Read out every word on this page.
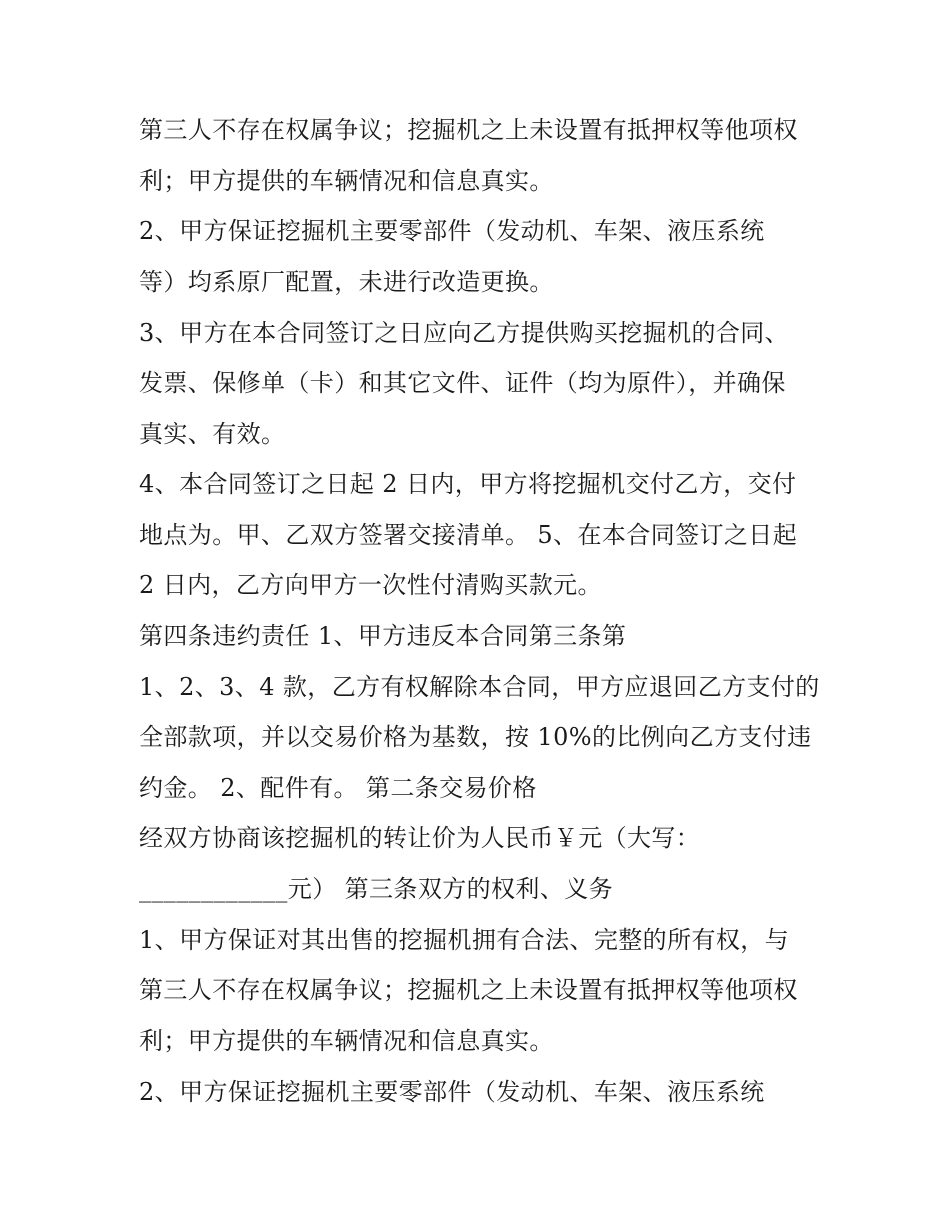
第三人不存在权属争议；挖掘机之上未设置有抵押权等他项权
利；甲方提供的车辆情况和信息真实。
2、甲方保证挖掘机主要零部件（发动机、车架、液压系统
等）均系原厂配置，未进行改造更换。
3、甲方在本合同签订之日应向乙方提供购买挖掘机的合同、
发票、保修单（卡）和其它文件、证件（均为原件），并确保
真实、有效。
4、本合同签订之日起 2 日内，甲方将挖掘机交付乙方，交付
地点为。甲、乙双方签署交接清单。 5、在本合同签订之日起
2 日内，乙方向甲方一次性付清购买款元。
第四条违约责任 1、甲方违反本合同第三条第
1、2、3、4 款，乙方有权解除本合同，甲方应退回乙方支付的
全部款项，并以交易价格为基数，按 10%的比例向乙方支付违
约金。 2、配件有。 第二条交易价格
经双方协商该挖掘机的转让价为人民币￥元（大写：
____________元） 第三条双方的权利、义务
1、甲方保证对其出售的挖掘机拥有合法、完整的所有权，与
第三人不存在权属争议；挖掘机之上未设置有抵押权等他项权
利；甲方提供的车辆情况和信息真实。
2、甲方保证挖掘机主要零部件（发动机、车架、液压系统
